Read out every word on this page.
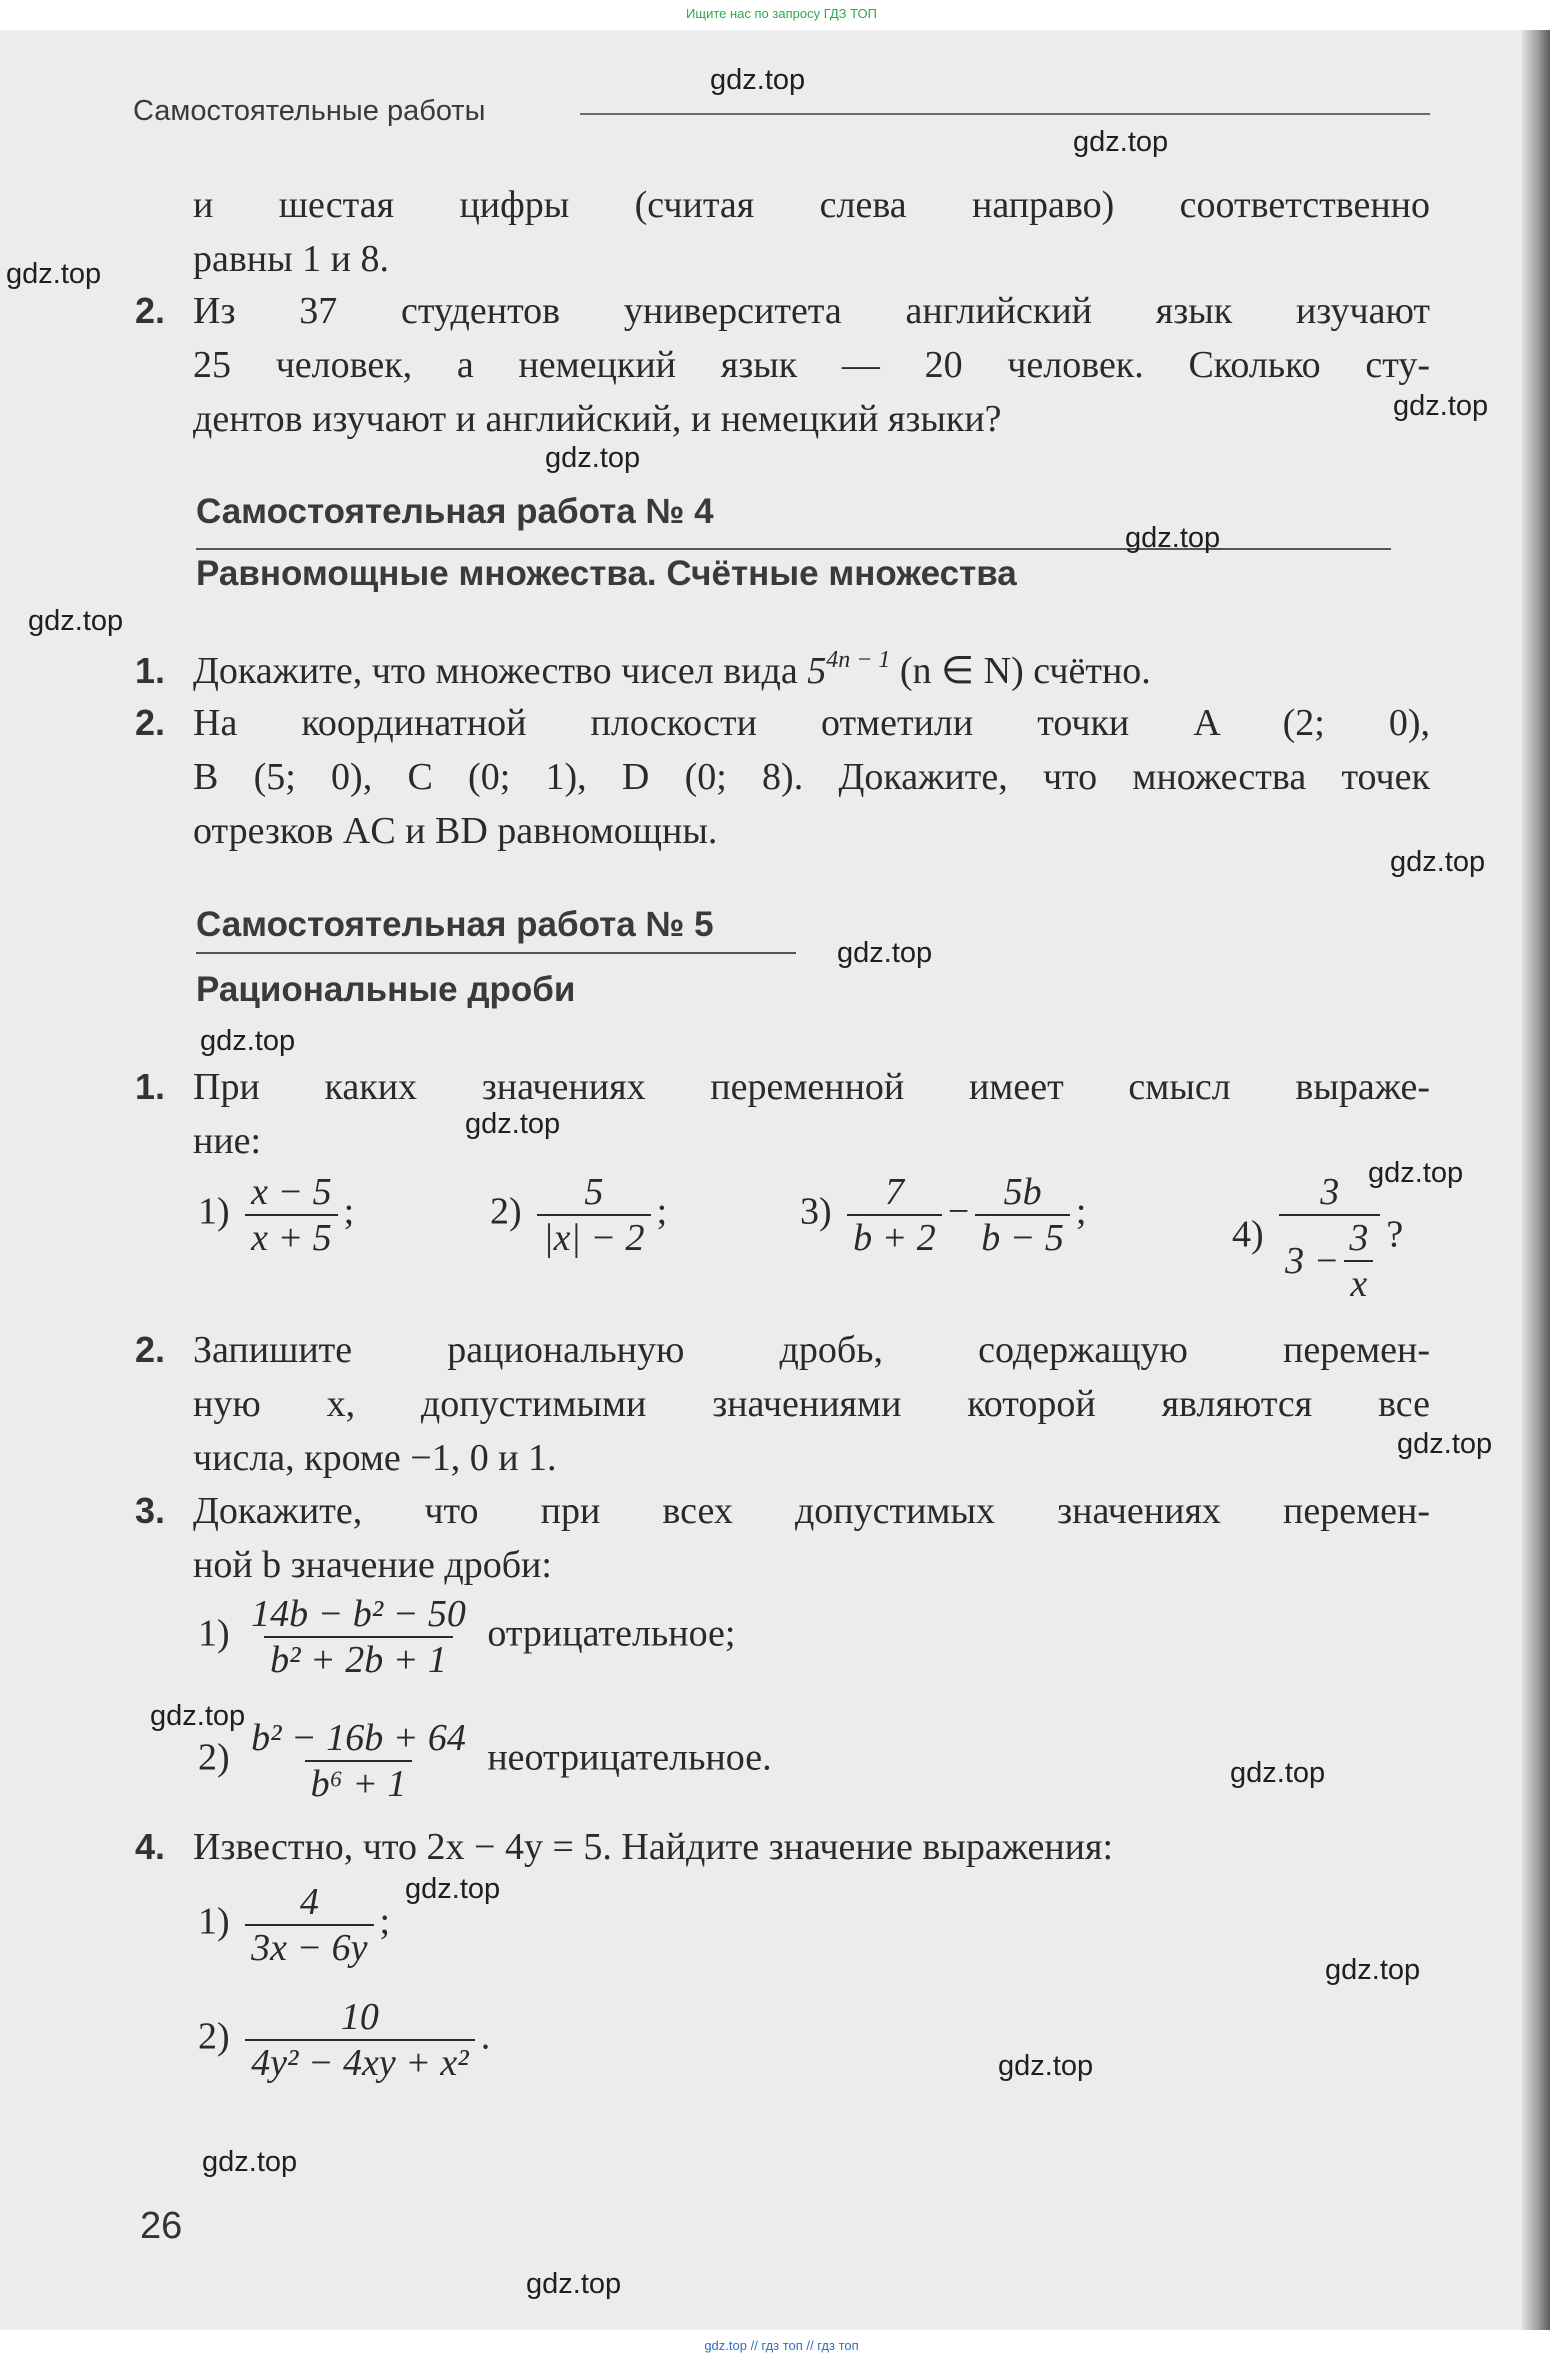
Ищите нас по запросу ГДЗ ТОП
Самостоятельные работы
и шестая цифры (считая слева направо) соответственно
равны 1 и 8.
2. Из 37 студентов университета английский язык изучают
25 человек, а немецкий язык — 20 человек. Сколько сту-
дентов изучают и английский, и немецкий языки?
Самостоятельная работа № 4
Равномощные множества. Счётные множества
1. Докажите, что множество чисел вида $5^{4n - 1}$ (n ∈ N) счётно.
2. На координатной плоскости отметили точки A (2; 0),
B (5; 0), C (0; 1), D (0; 8). Докажите, что множества точек
отрезков AC и BD равномощны.
Самостоятельная работа № 5
Рациональные дроби
1. При каких значениях переменной имеет смысл выраже-
ние:
$1) \frac{x - 5}{x + 5}$ ;	$2) \frac{5}{|x| - 2}$ ;	$3) \frac{7}{b + 2} - \frac{5b}{b - 5}$ ;
$4) \frac{3}{3 - \frac{3}{x}}$ ?
2. Запишите рациональную дробь, содержащую перемен-
ную x, допустимыми значениями которой являются все
числа, кроме −1, 0 и 1.
3. Докажите, что при всех допустимых значениях перемен-
ной b значение дроби:
$1) \frac{\text{14b − b² − 50}}{\text{b² + 2b + 1}}$ отрицательное;
$2) \frac{\text{b² − 16b + 64}}{\text{b⁶ + 1}}$ неотрицательное.
4. Известно, что 2x − 4y = 5. Найдите значение выражения:
$1) \frac{4}{3x - 6y}$ ;
$2) \frac{10}{\text{4y² − 4xy + x²}}$ .
26
gdz.top
gdz.top
gdz.top
gdz.top
gdz.top
gdz.top
gdz.top
gdz.top
gdz.top
gdz.top
gdz.top
gdz.top
gdz.top
gdz.top
gdz.top
gdz.top
gdz.top
gdz.top
gdz.top
gdz.top
gdz.top // гдз топ // гдз топ
